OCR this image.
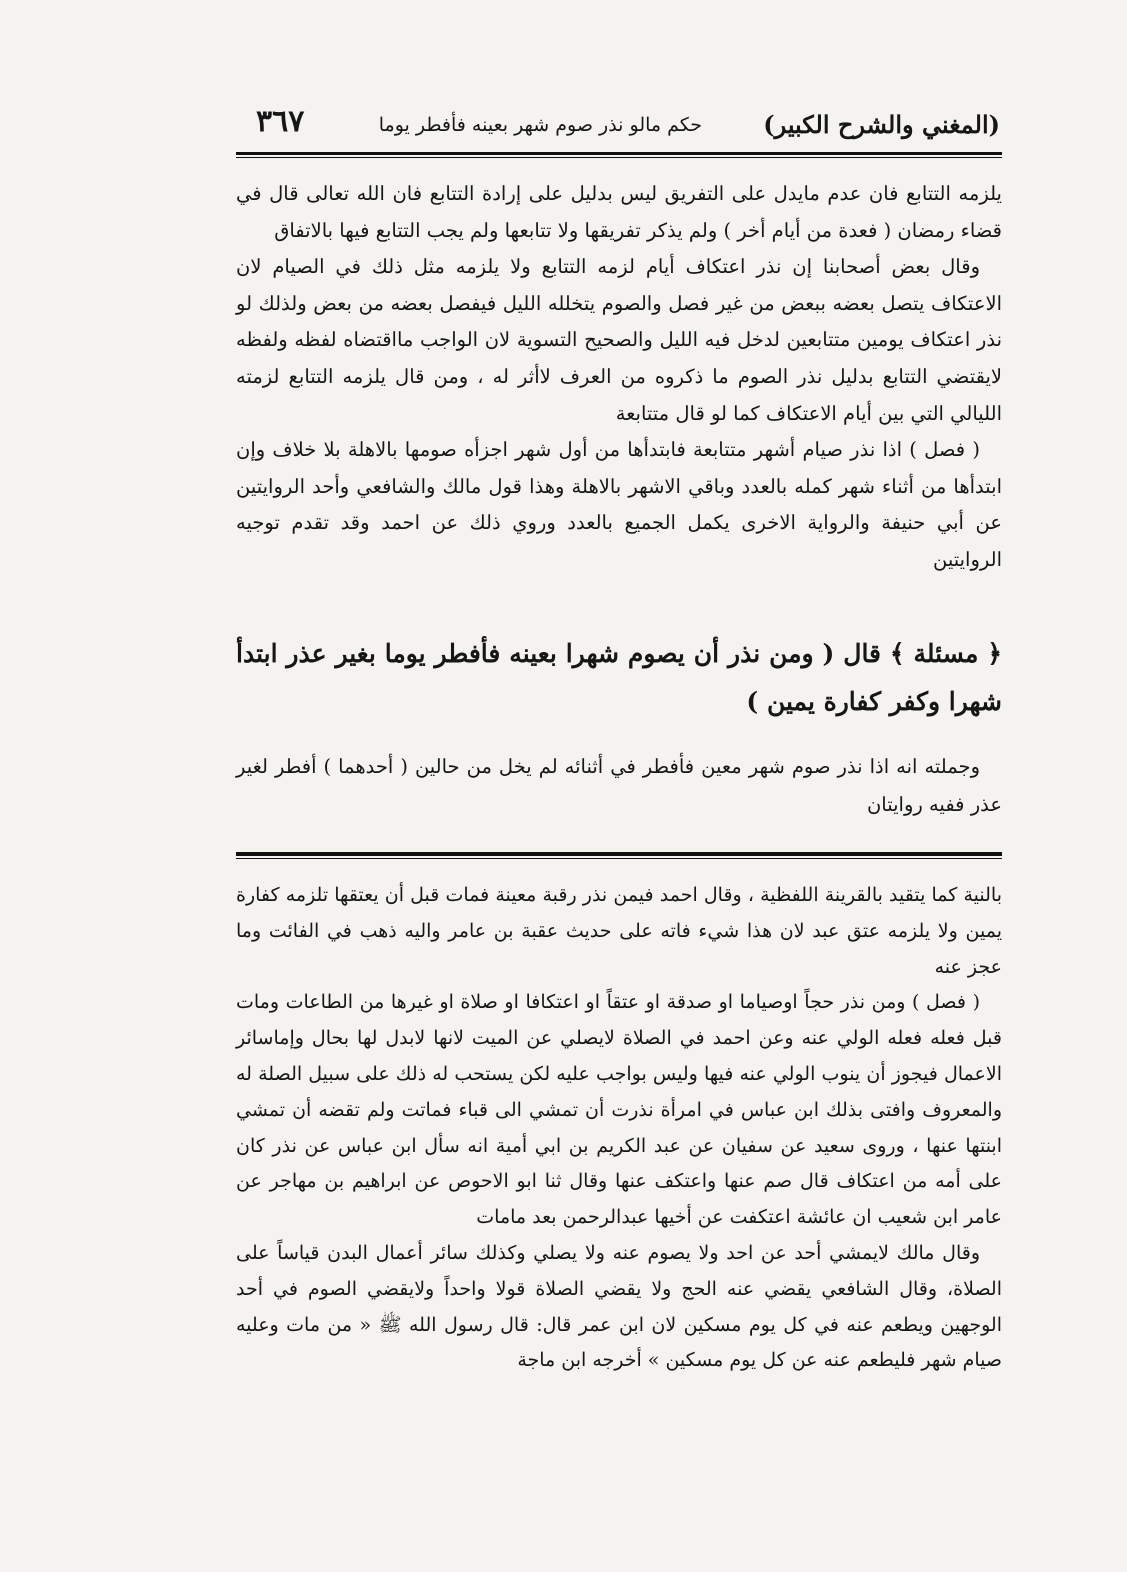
(المغني والشرح الكبير)
حكم مالو نذر صوم شهر بعينه فأفطر يوما
٣٦٧

يلزمه التتابع فان عدم مايدل على التفريق ليس بدليل على إرادة التتابع فان الله تعالى قال في قضاء رمضان ( فعدة من أيام أخر ) ولم يذكر تفريقها ولا تتابعها ولم يجب التتابع فيها بالاتفاق

وقال بعض أصحابنا إن نذر اعتكاف أيام لزمه التتابع ولا يلزمه مثل ذلك في الصيام لان الاعتكاف يتصل بعضه ببعض من غير فصل والصوم يتخلله الليل فيفصل بعضه من بعض ولذلك لو نذر اعتكاف يومين متتابعين لدخل فيه الليل والصحيح التسوية لان الواجب مااقتضاه لفظه ولفظه لايقتضي التتابع بدليل نذر الصوم ما ذكروه من العرف لاأثر له ، ومن قال يلزمه التتابع لزمته الليالي التي بين أيام الاعتكاف كما لو قال متتابعة

( فصل ) اذا نذر صيام أشهر متتابعة فابتدأها من أول شهر اجزأه صومها بالاهلة بلا خلاف وإن ابتدأها من أثناء شهر كمله بالعدد وباقي الاشهر بالاهلة وهذا قول مالك والشافعي وأحد الروايتين عن أبي حنيفة والرواية الاخرى يكمل الجميع بالعدد وروي ذلك عن احمد وقد تقدم توجيه الروايتين

﴿ مسئلة ﴾ قال ( ومن نذر أن يصوم شهرا بعينه فأفطر يوما بغير عذر ابتدأ شهرا وكفر كفارة يمين )

وجملته انه اذا نذر صوم شهر معين فأفطر في أثنائه لم يخل من حالين ( أحدهما ) أفطر لغير عذر ففيه روايتان

بالنية كما يتقيد بالقرينة اللفظية ، وقال احمد فيمن نذر رقبة معينة فمات قبل أن يعتقها تلزمه كفارة يمين ولا يلزمه عتق عبد لان هذا شيء فاته على حديث عقبة بن عامر واليه ذهب في الفائت وما عجز عنه

( فصل ) ومن نذر حجاً اوصياما او صدقة او عتقاً او اعتكافا او صلاة او غيرها من الطاعات ومات قبل فعله فعله الولي عنه وعن احمد في الصلاة لايصلي عن الميت لانها لابدل لها بحال وإماسائر الاعمال فيجوز أن ينوب الولي عنه فيها وليس بواجب عليه لكن يستحب له ذلك على سبيل الصلة له والمعروف وافتى بذلك ابن عباس في امرأة نذرت أن تمشي الى قباء فماتت ولم تقضه أن تمشي ابنتها عنها ، وروى سعيد عن سفيان عن عبد الكريم بن ابي أمية انه سأل ابن عباس عن نذر كان على أمه من اعتكاف قال صم عنها واعتكف عنها وقال ثنا ابو الاحوص عن ابراهيم بن مهاجر عن عامر ابن شعيب ان عائشة اعتكفت عن أخيها عبدالرحمن بعد مامات

وقال مالك لايمشي أحد عن احد ولا يصوم عنه ولا يصلي وكذلك سائر أعمال البدن قياساً على الصلاة، وقال الشافعي يقضي عنه الحج ولا يقضي الصلاة قولا واحداً ولايقضي الصوم في أحد الوجهين ويطعم عنه في كل يوم مسكين لان ابن عمر قال: قال رسول الله ﷺ « من مات وعليه صيام شهر فليطعم عنه عن كل يوم مسكين » أخرجه ابن ماجة
